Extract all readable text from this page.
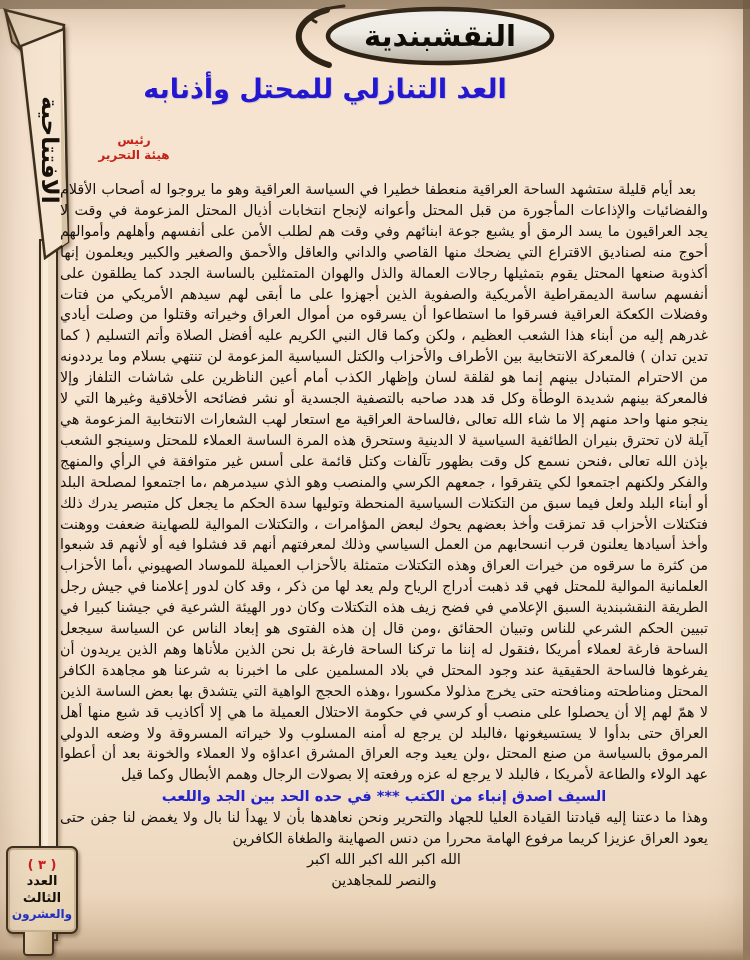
الافتتاحية
( ٣ )
العدد
الثالث
والعشرون
النقشبندية
العد التنازلي للمحتل وأذنابه
رئيس
هيئة التحرير

بعد أيام قليلة ستشهد الساحة العراقية منعطفا خطيرا في السياسة العراقية وهو ما يروجوا له أصحاب الأقلام والفضائيات والإذاعات المأجورة من قبل المحتل وأعوانه لإنجاح انتخابات أذيال المحتل المزعومة في وقت لا يجد العراقيون ما يسد الرمق أو يشبع جوعة ابنائهم وفي وقت هم لطلب الأمن على أنفسهم وأهلهم وأموالهم أحوج منه لصناديق الاقتراع التي يضحك منها القاصي والداني والعاقل والأحمق والصغير والكبير ويعلمون إنها أكذوبة صنعها المحتل يقوم بتمثيلها رجالات العمالة والذل والهوان المتمثلين بالساسة الجدد كما يطلقون على أنفسهم ساسة الديمقراطية الأمريكية والصفوية الذين أجهزوا على ما أبقى لهم سيدهم الأمريكي من فتات وفضلات الكعكة العراقية فسرقوا ما استطاعوا أن يسرقوه من أموال العراق وخيراته وقتلوا من وصلت أيادي غدرهم إليه من أبناء هذا الشعب العظيم ، ولكن وكما قال النبي الكريم عليه أفضل الصلاة وأتم التسليم ( كما تدين تدان ) فالمعركة الانتخابية بين الأطراف والأحزاب والكتل السياسية المزعومة لن تنتهي بسلام وما يرددونه من الاحترام المتبادل بينهم إنما هو لقلقة لسان وإظهار الكذب أمام أعين الناظرين على شاشات التلفاز وإلا فالمعركة بينهم شديدة الوطأة وكل قد هدد صاحبه بالتصفية الجسدية أو نشر فضائحه الأخلاقية وغيرها التي لا ينجو منها واحد منهم إلا ما شاء الله تعالى ،فالساحة العراقية مع استعار لهب الشعارات الانتخابية المزعومة هي آيلة لان تحترق بنيران الطائفية السياسية لا الدينية وستحرق هذه المرة الساسة العملاء للمحتل وسينجو الشعب بإذن الله تعالى ،فنحن نسمع كل وقت بظهور تآلفات وكتل قائمة على أسس غير متوافقة في الرأي والمنهج والفكر ولكنهم اجتمعوا لكي يتفرقوا ، جمعهم الكرسي والمنصب وهو الذي سيدمرهم ،ما اجتمعوا لمصلحة البلد أو أبناء البلد ولعل فيما سبق من التكتلات السياسية المنحطة وتوليها سدة الحكم ما يجعل كل متبصر يدرك ذلك فتكتلات الأحزاب قد تمزقت وأخذ بعضهم يحوك لبعض المؤامرات ، والتكتلات الموالية للصهاينة ضعفت ووهنت وأخذ أسيادها يعلنون قرب انسحابهم من العمل السياسي وذلك لمعرفتهم أنهم قد فشلوا فيه أو لأنهم قد شبعوا من كثرة ما سرقوه من خيرات العراق وهذه التكتلات متمثلة بالأحزاب العميلة للموساد الصهيوني ،أما الأحزاب العلمانية الموالية للمحتل فهي قد ذهبت أدراج الرياح ولم يعد لها من ذكر ، وقد كان لدور إعلامنا في جيش رجل الطريقة النقشبندية السبق الإعلامي في فضح زيف هذه التكتلات وكان دور الهيئة الشرعية في جيشنا كبيرا في تبيين الحكم الشرعي للناس وتبيان الحقائق ،ومن قال إن هذه الفتوى هو إبعاد الناس عن السياسة سيجعل الساحة فارغة لعملاء أمريكا ،فنقول له إننا ما تركنا الساحة فارغة بل نحن الذين ملأناها وهم الذين يريدون أن يفرغوها فالساحة الحقيقية عند وجود المحتل في بلاد المسلمين على ما اخبرنا به شرعنا هو مجاهدة الكافر المحتل ومناطحته ومنافحته حتى يخرج مذلولا مكسورا ،وهذه الحجج الواهية التي يتشدق بها بعض الساسة الذين لا همّ لهم إلا أن يحصلوا على منصب أو كرسي في حكومة الاحتلال العميلة ما هي إلا أكاذيب قد شبع منها أهل العراق حتى بدأوا لا يستسيغونها ،فالبلد لن يرجع له أمنه المسلوب ولا خيراته المسروقة ولا وضعه الدولي المرموق بالسياسة من صنع المحتل ،ولن يعيد وجه العراق المشرق اعداؤه ولا العملاء والخونة بعد أن أعطوا عهد الولاء والطاعة لأمريكا ، فالبلد لا يرجع له عزه ورفعته إلا بصولات الرجال وهمم الأبطال وكما قيل

السيف اصدق إنباء من الكتب *** في حده الحد بين الجد واللعب

وهذا ما دعتنا إليه قيادتنا القيادة العليا للجهاد والتحرير ونحن نعاهدها بأن لا يهدأ لنا بال ولا يغمض لنا جفن حتى يعود العراق عزيزا كريما مرفوع الهامة محررا من دنس الصهاينة والطغاة الكافرين

الله اكبر الله اكبر الله اكبر

والنصر للمجاهدين
